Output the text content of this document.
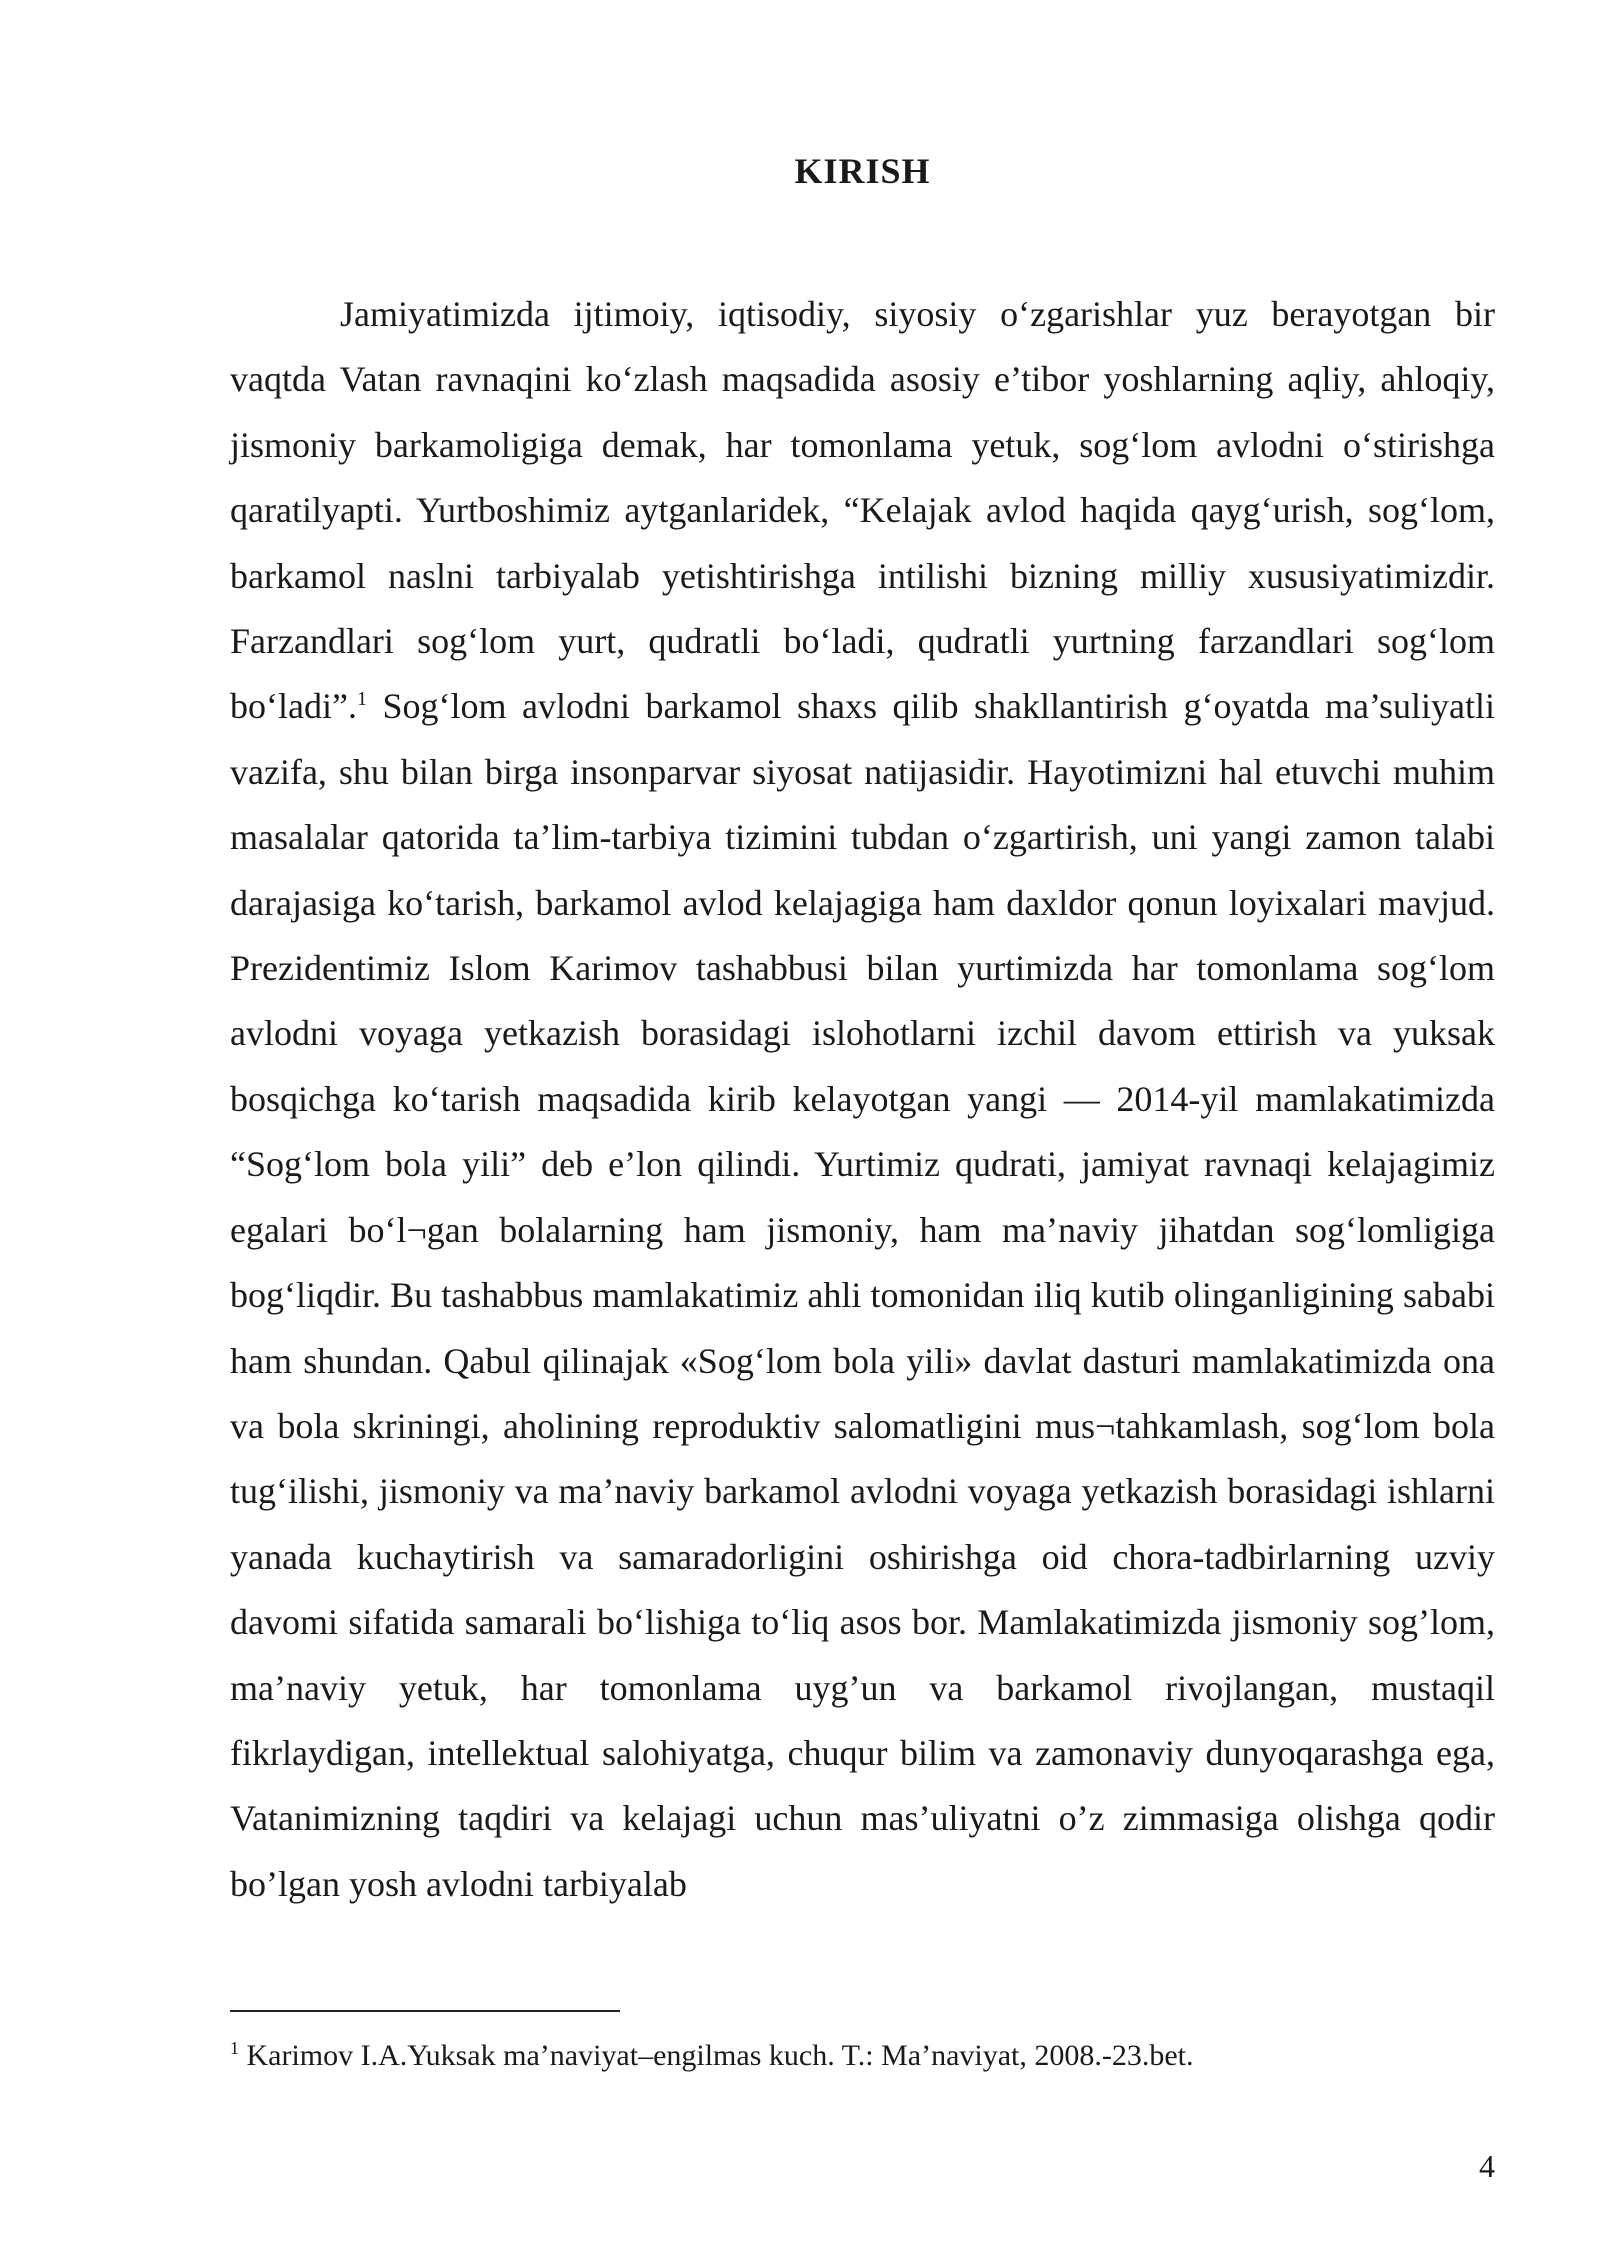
KIRISH

Jamiyatimizda ijtimoiy, iqtisodiy, siyosiy o‘zgarishlar yuz berayotgan bir vaqtda Vatan ravnaqini ko‘zlash maqsadida asosiy e’tibor yoshlarning aqliy, ahloqiy, jismoniy barkamoligiga demak, har tomonlama yetuk, sog‘lom avlodni o‘stirishga qaratilyapti. Yurtboshimiz aytganlaridek, “Kelajak avlod haqida qayg‘urish, sog‘lom, barkamol naslni tarbiyalab yetishtirishga intilishi bizning milliy xususiyatimizdir. Farzandlari sog‘lom yurt, qudratli bo‘ladi, qudratli yurtning farzandlari sog‘lom bo‘ladi”.$^1$ Sog‘lom avlodni barkamol shaxs qilib shakllantirish g‘oyatda ma’suliyatli vazifa, shu bilan birga insonparvar siyosat natijasidir. Hayotimizni hal etuvchi muhim masalalar qatorida ta’lim-tarbiya tizimini tubdan o‘zgartirish, uni yangi zamon talabi darajasiga ko‘tarish, barkamol avlod kelajagiga ham daxldor qonun loyixalari mavjud. Prezidentimiz Islom Karimov tashabbusi bilan yurtimizda har tomonlama sog‘lom avlodni voyaga yetkazish borasidagi islohotlarni izchil davom ettirish va yuksak bosqichga ko‘tarish maqsadida kirib kelayotgan yangi — 2014-yil mamlakatimizda “Sog‘lom bola yili” deb e’lon qilindi. Yurtimiz qudrati, jamiyat ravnaqi kelajagimiz egalari bo‘l¬gan bolalarning ham jismoniy, ham ma’naviy jihatdan sog‘lomligiga bog‘liqdir. Bu tashabbus mamlakatimiz ahli tomonidan iliq kutib olinganligining sababi ham shundan. Qabul qilinajak «Sog‘lom bola yili» davlat dasturi mamlakatimizda ona va bola skriningi, aholining reproduktiv salomatligini mus¬tahkamlash, sog‘lom bola tug‘ilishi, jismoniy va ma’naviy barkamol avlodni voyaga yetkazish borasidagi ishlarni yanada kuchaytirish va samaradorligini oshirishga oid chora-tadbirlarning uzviy davomi sifatida samarali bo‘lishiga to‘liq asos bor. Mamlakatimizda jismoniy sog’lom, ma’naviy yetuk, har tomonlama uyg’un va barkamol rivojlangan, mustaqil fikrlaydigan, intellektual salohiyatga, chuqur bilim va zamonaviy dunyoqarashga ega, Vatanimizning taqdiri va kelajagi uchun mas’uliyatni o’z zimmasiga olishga qodir bo’lgan yosh avlodni tarbiyalab

$^1$ Karimov I.A.Yuksak ma’naviyat–engilmas kuch. T.: Ma’naviyat, 2008.-23.bet.
4
